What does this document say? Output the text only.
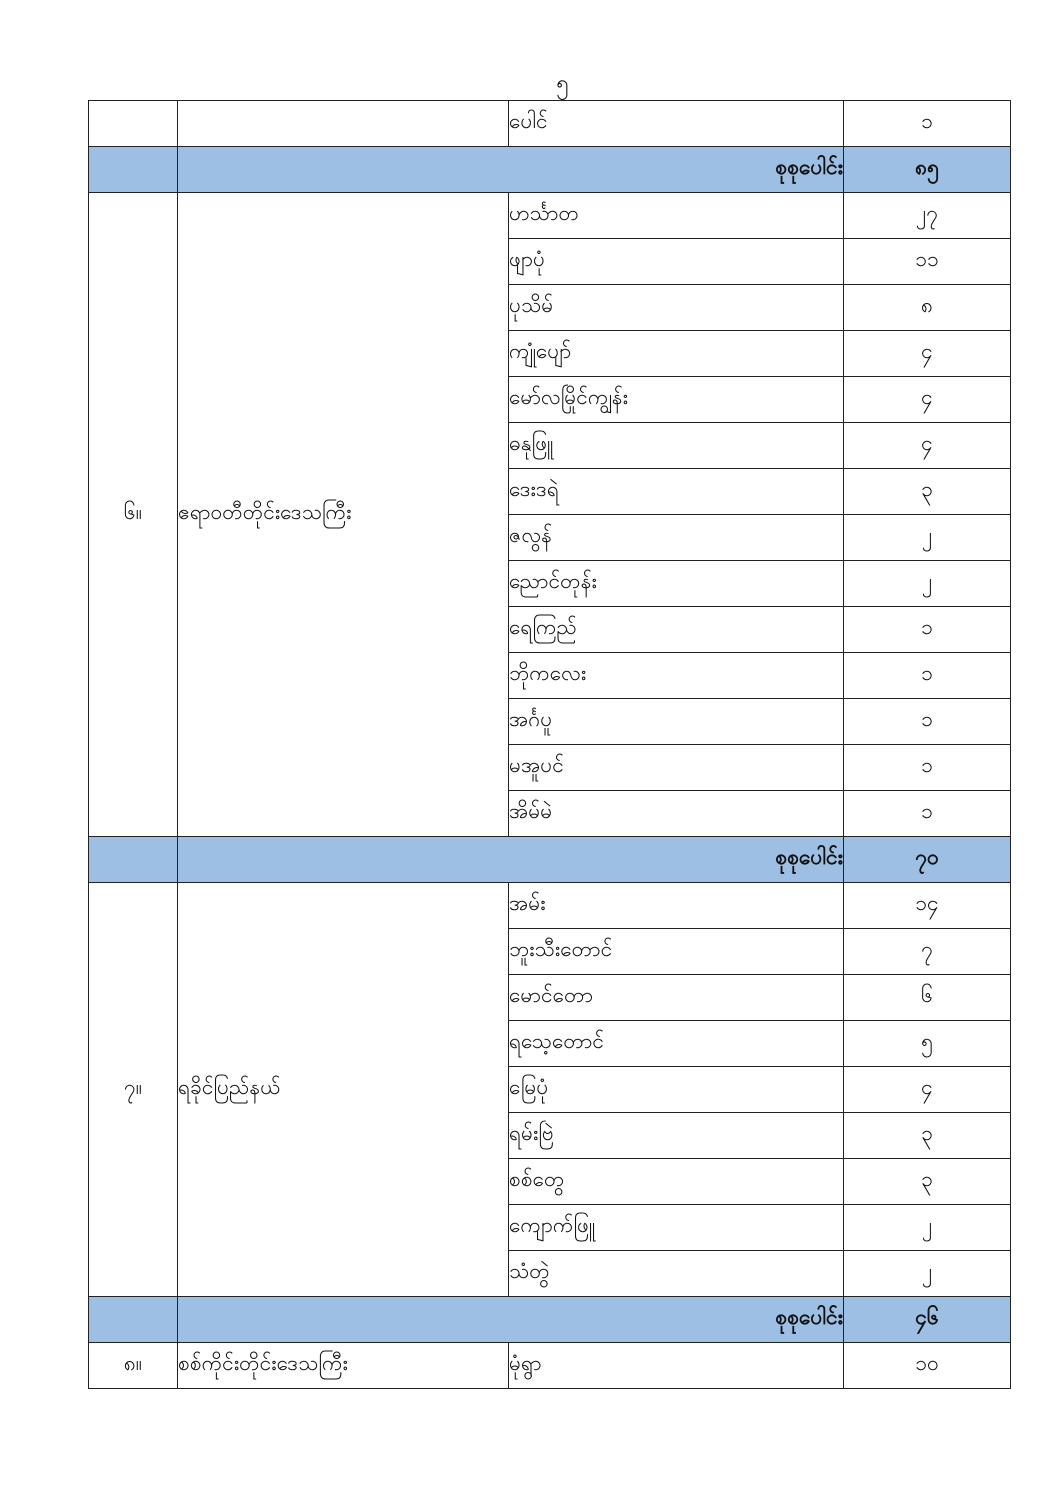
၅
		ပေါင်	၁
	စုစုပေါင်း		၈၅
၆။	ဧရာဝတီတိုင်းဒေသကြီး	ဟင်္သာတ	၂၇
		ဖျာပုံ	၁၁
		ပုသိမ်	၈
		ကျုံပျော်	၄
		မော်လမြိုင်ကျွန်း	၄
		ဓနုဖြူ	၄
		ဒေးဒရဲ	၃
		ဇလွန်	၂
		ညောင်တုန်း	၂
		ရေကြည်	၁
		ဘိုကလေး	၁
		အင်္ဂပူ	၁
		မအူပင်	၁
		အိမ်မဲ	၁
	စုစုပေါင်း		၇၀
၇။	ရခိုင်ပြည်နယ်	အမ်း	၁၄
		ဘူးသီးတောင်	၇
		မောင်တော	၆
		ရသေ့တောင်	၅
		မြေပုံ	၄
		ရမ်းဗြဲ	၃
		စစ်တွေ	၃
		ကျောက်ဖြူ	၂
		သံတွဲ	၂
	စုစုပေါင်း		၄၆
၈။	စစ်ကိုင်းတိုင်းဒေသကြီး	မုံရွာ	၁၀
